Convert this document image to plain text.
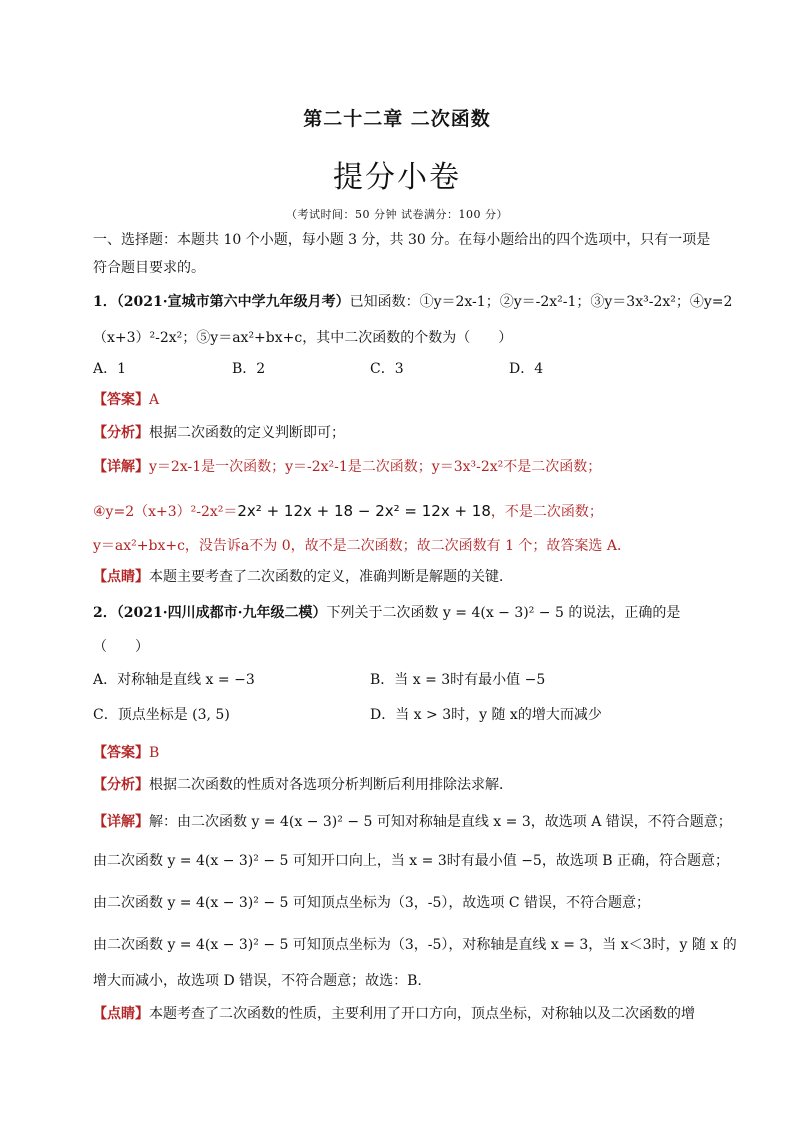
第二十二章 二次函数
提分小卷
（考试时间：50 分钟 试卷满分：100 分）
一、选择题：本题共 10 个小题，每小题 3 分，共 30 分。在每小题给出的四个选项中，只有一项是
符合题目要求的。
1．（2021·宣城市第六中学九年级月考）已知函数：①y＝2x-1；②y＝-2x²-1；③y＝3x³-2x²；④y=2
（x+3）²-2x²；⑤y＝ax²+bx+c，其中二次函数的个数为（　　）
A．1	B．2	C．3	D．4
【答案】A
【分析】根据二次函数的定义判断即可；
【详解】y＝2x-1是一次函数；y＝-2x²-1是二次函数；y＝3x³-2x²不是二次函数；
④y=2（x+3）²-2x²＝2x² + 12x + 18 − 2x² = 12x + 18，不是二次函数；
y＝ax²+bx+c，没告诉a不为 0，故不是二次函数；故二次函数有 1 个；故答案选 A．
【点睛】本题主要考查了二次函数的定义，准确判断是解题的关键．
2．（2021·四川成都市·九年级二模）下列关于二次函数 y = 4(x − 3)² − 5 的说法，正确的是
（　　）
A．对称轴是直线 x = −3	B．当 x = 3时有最小值 −5
C．顶点坐标是 (3, 5)	D．当 x > 3时，y 随 x的增大而减少
【答案】B
【分析】根据二次函数的性质对各选项分析判断后利用排除法求解．
【详解】解：由二次函数 y = 4(x − 3)² − 5 可知对称轴是直线 x = 3，故选项 A 错误，不符合题意；
由二次函数 y = 4(x − 3)² − 5 可知开口向上，当 x = 3时有最小值 −5，故选项 B 正确，符合题意；
由二次函数 y = 4(x − 3)² − 5 可知顶点坐标为（3，-5），故选项 C 错误，不符合题意；
由二次函数 y = 4(x − 3)² − 5 可知顶点坐标为（3，-5），对称轴是直线 x = 3，当 x＜3时，y 随 x 的
增大而减小，故选项 D 错误，不符合题意；故选：B.
【点睛】本题考查了二次函数的性质，主要利用了开口方向，顶点坐标，对称轴以及二次函数的增
